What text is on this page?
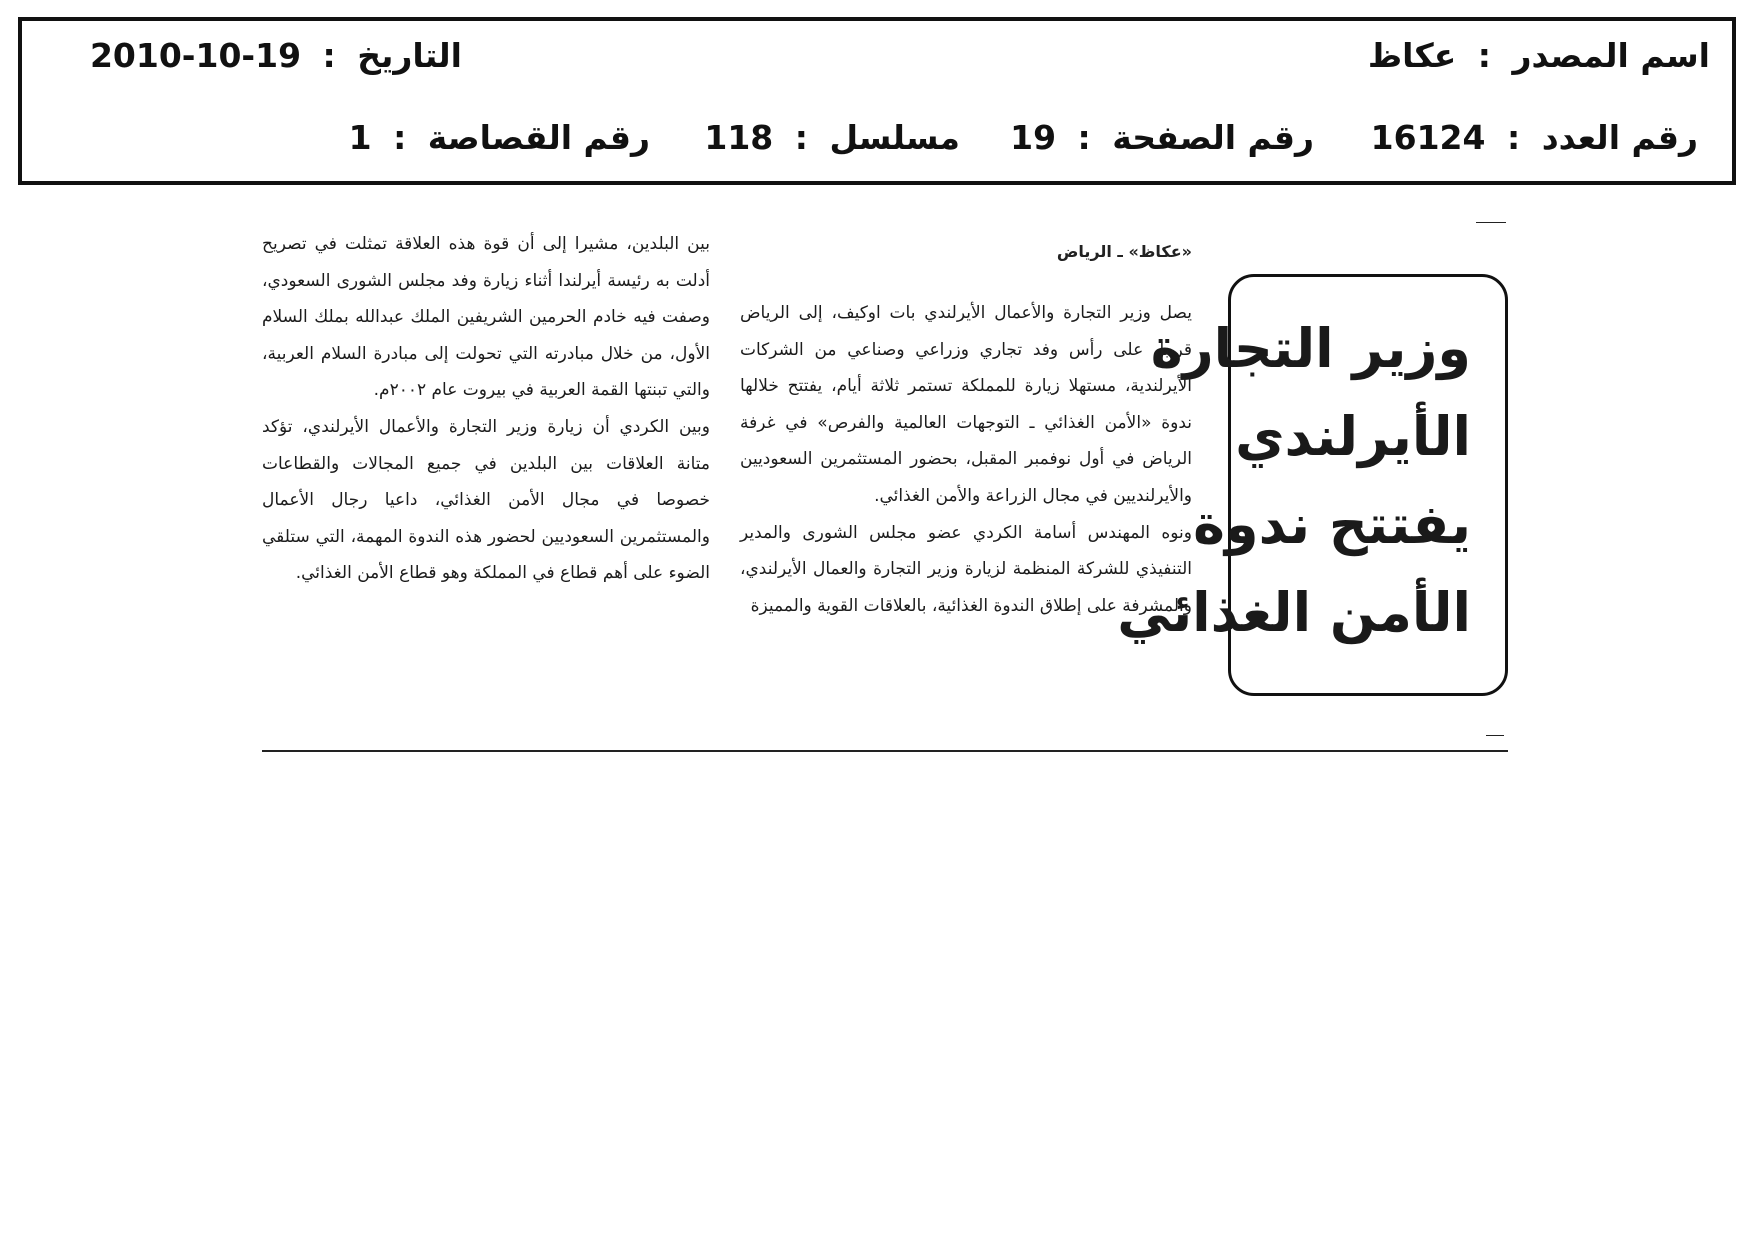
اسم المصدر : عكاظ
التاريخ : 2010-10-19
رقم العدد : 16124
رقم الصفحة : 19
مسلسل : 118
رقم القصاصة : 1
وزير التجارة
الأيرلندي
يفتتح ندوة
الأمن الغذائي
«عكاظ» ـ الرياض

يصل وزير التجارة والأعمال الأيرلندي بات اوكيف، إلى الرياض قريبا، على رأس وفد تجاري وزراعي وصناعي من الشركات الأيرلندية، مستهلا زيارة للمملكة تستمر ثلاثة أيام، يفتتح خلالها ندوة «الأمن الغذائي ـ التوجهات العالمية والفرص» في غرفة الرياض في أول نوفمبر المقبل، بحضور المستثمرين السعوديين والأيرلنديين في مجال الزراعة والأمن الغذائي.

ونوه المهندس أسامة الكردي عضو مجلس الشورى والمدير التنفيذي للشركة المنظمة لزيارة وزير التجارة والعمال الأيرلندي، والمشرفة على إطلاق الندوة الغذائية، بالعلاقات القوية والمميزة

بين البلدين، مشيرا إلى أن قوة هذه العلاقة تمثلت في تصريح أدلت به رئيسة أيرلندا أثناء زيارة وفد مجلس الشورى السعودي، وصفت فيه خادم الحرمين الشريفين الملك عبدالله بملك السلام الأول، من خلال مبادرته التي تحولت إلى مبادرة السلام العربية، والتي تبنتها القمة العربية في بيروت عام ٢٠٠٢م.

وبين الكردي أن زيارة وزير التجارة والأعمال الأيرلندي، تؤكد متانة العلاقات بين البلدين في جميع المجالات والقطاعات خصوصا في مجال الأمن الغذائي، داعيا رجال الأعمال والمستثمرين السعوديين لحضور هذه الندوة المهمة، التي ستلقي الضوء على أهم قطاع في المملكة وهو قطاع الأمن الغذائي.
